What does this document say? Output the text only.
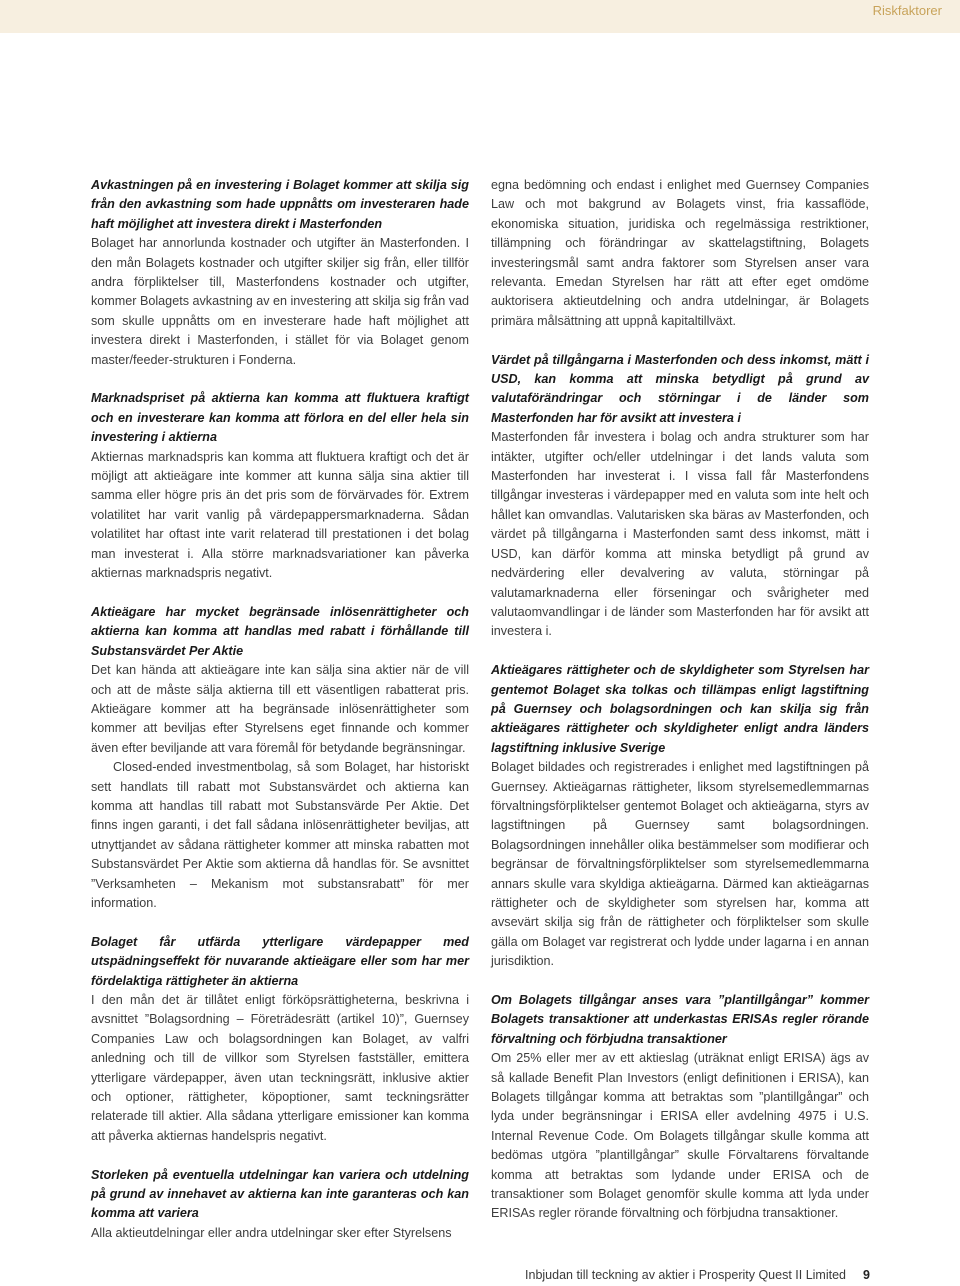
Riskfaktorer
Avkastningen på en investering i Bolaget kommer att skilja sig från den avkastning som hade uppnåtts om investeraren hade haft möjlighet att investera direkt i Masterfonden

Bolaget har annorlunda kostnader och utgifter än Masterfonden. I den mån Bolagets kostnader och utgifter skiljer sig från, eller tillför andra förpliktelser till, Masterfondens kostnader och utgifter, kommer Bolagets avkastning av en investering att skilja sig från vad som skulle uppnåtts om en investerare hade haft möjlighet att investera direkt i Masterfonden, i stället för via Bolaget genom master/feeder-strukturen i Fonderna.

Marknadspriset på aktierna kan komma att fluktuera kraftigt och en investerare kan komma att förlora en del eller hela sin investering i aktierna

Aktiernas marknadspris kan komma att fluktuera kraftigt och det är möjligt att aktieägare inte kommer att kunna sälja sina aktier till samma eller högre pris än det pris som de förvärvades för. Extrem volatilitet har varit vanlig på värdepappersmarknaderna. Sådan volatilitet har oftast inte varit relaterad till prestationen i det bolag man investerat i. Alla större marknadsvariationer kan påverka aktiernas marknadspris negativt.

Aktieägare har mycket begränsade inlösenrättigheter och aktierna kan komma att handlas med rabatt i förhållande till Substansvärdet Per Aktie

Det kan hända att aktieägare inte kan sälja sina aktier när de vill och att de måste sälja aktierna till ett väsentligen rabatterat pris. Aktieägare kommer att ha begränsade inlösenrättigheter som kommer att beviljas efter Styrelsens eget finnande och kommer även efter beviljande att vara föremål för betydande begränsningar.

Closed-ended investmentbolag, så som Bolaget, har historiskt sett handlats till rabatt mot Substansvärdet och aktierna kan komma att handlas till rabatt mot Substansvärde Per Aktie. Det finns ingen garanti, i det fall sådana inlösenrättigheter beviljas, att utnyttjandet av sådana rättigheter kommer att minska rabatten mot Substansvärdet Per Aktie som aktierna då handlas för. Se avsnittet ”Verksamheten – Mekanism mot substansrabatt” för mer information.

Bolaget får utfärda ytterligare värdepapper med utspädningseffekt för nuvarande aktieägare eller som har mer fördelaktiga rättigheter än aktierna

I den mån det är tillåtet enligt förköpsrättigheterna, beskrivna i avsnittet ”Bolagsordning – Företrädesrätt (artikel 10)”, Guernsey Companies Law och bolagsordningen kan Bolaget, av valfri anledning och till de villkor som Styrelsen fastställer, emittera ytterligare värdepapper, även utan teckningsrätt, inklusive aktier och optioner, rättigheter, köpoptioner, samt teckningsrätter relaterade till aktier. Alla sådana ytterligare emissioner kan komma att påverka aktiernas handelspris negativt.

Storleken på eventuella utdelningar kan variera och utdelning på grund av innehavet av aktierna kan inte garanteras och kan komma att variera

Alla aktieutdelningar eller andra utdelningar sker efter Styrelsens

egna bedömning och endast i enlighet med Guernsey Companies Law och mot bakgrund av Bolagets vinst, fria kassaflöde, ekonomiska situation, juridiska och regelmässiga restriktioner, tillämpning och förändringar av skattelagstiftning, Bolagets investeringsmål samt andra faktorer som Styrelsen anser vara relevanta. Emedan Styrelsen har rätt att efter eget omdöme auktorisera aktieutdelning och andra utdelningar, är Bolagets primära målsättning att uppnå kapitaltillväxt.

Värdet på tillgångarna i Masterfonden och dess inkomst, mätt i USD, kan komma att minska betydligt på grund av valutaförändringar och störningar i de länder som Masterfonden har för avsikt att investera i

Masterfonden får investera i bolag och andra strukturer som har intäkter, utgifter och/eller utdelningar i det lands valuta som Masterfonden har investerat i. I vissa fall får Masterfondens tillgångar investeras i värdepapper med en valuta som inte helt och hållet kan omvandlas. Valutarisken ska bäras av Masterfonden, och värdet på tillgångarna i Masterfonden samt dess inkomst, mätt i USD, kan därför komma att minska betydligt på grund av nedvärdering eller devalvering av valuta, störningar på valutamarknaderna eller förseningar och svårigheter med valutaomvandlingar i de länder som Masterfonden har för avsikt att investera i.

Aktieägares rättigheter och de skyldigheter som Styrelsen har gentemot Bolaget ska tolkas och tillämpas enligt lagstiftning på Guernsey och bolagsordningen och kan skilja sig från aktieägares rättigheter och skyldigheter enligt andra länders lagstiftning inklusive Sverige

Bolaget bildades och registrerades i enlighet med lagstiftningen på Guernsey. Aktieägarnas rättigheter, liksom styrelsemedlemmarnas förvaltningsförpliktelser gentemot Bolaget och aktieägarna, styrs av lagstiftningen på Guernsey samt bolagsordningen. Bolagsordningen innehåller olika bestämmelser som modifierar och begränsar de förvaltningsförpliktelser som styrelsemedlemmarna annars skulle vara skyldiga aktieägarna. Därmed kan aktieägarnas rättigheter och de skyldigheter som styrelsen har, komma att avsevärt skilja sig från de rättigheter och förpliktelser som skulle gälla om Bolaget var registrerat och lydde under lagarna i en annan jurisdiktion.

Om Bolagets tillgångar anses vara ”plantillgångar” kommer Bolagets transaktioner att underkastas ERISAs regler rörande förvaltning och förbjudna transaktioner

Om 25% eller mer av ett aktieslag (uträknat enligt ERISA) ägs av så kallade Benefit Plan Investors (enligt definitionen i ERISA), kan Bolagets tillgångar komma att betraktas som ”plantillgångar” och lyda under begränsningar i ERISA eller avdelning 4975 i U.S. Internal Revenue Code. Om Bolagets tillgångar skulle komma att bedömas utgöra ”plantillgångar” skulle Förvaltarens förvaltande komma att betraktas som lydande under ERISA och de transaktioner som Bolaget genomför skulle komma att lyda under ERISAs regler rörande förvaltning och förbjudna transaktioner.

Inbjudan till teckning av aktier i Prosperity Quest II Limited 9
